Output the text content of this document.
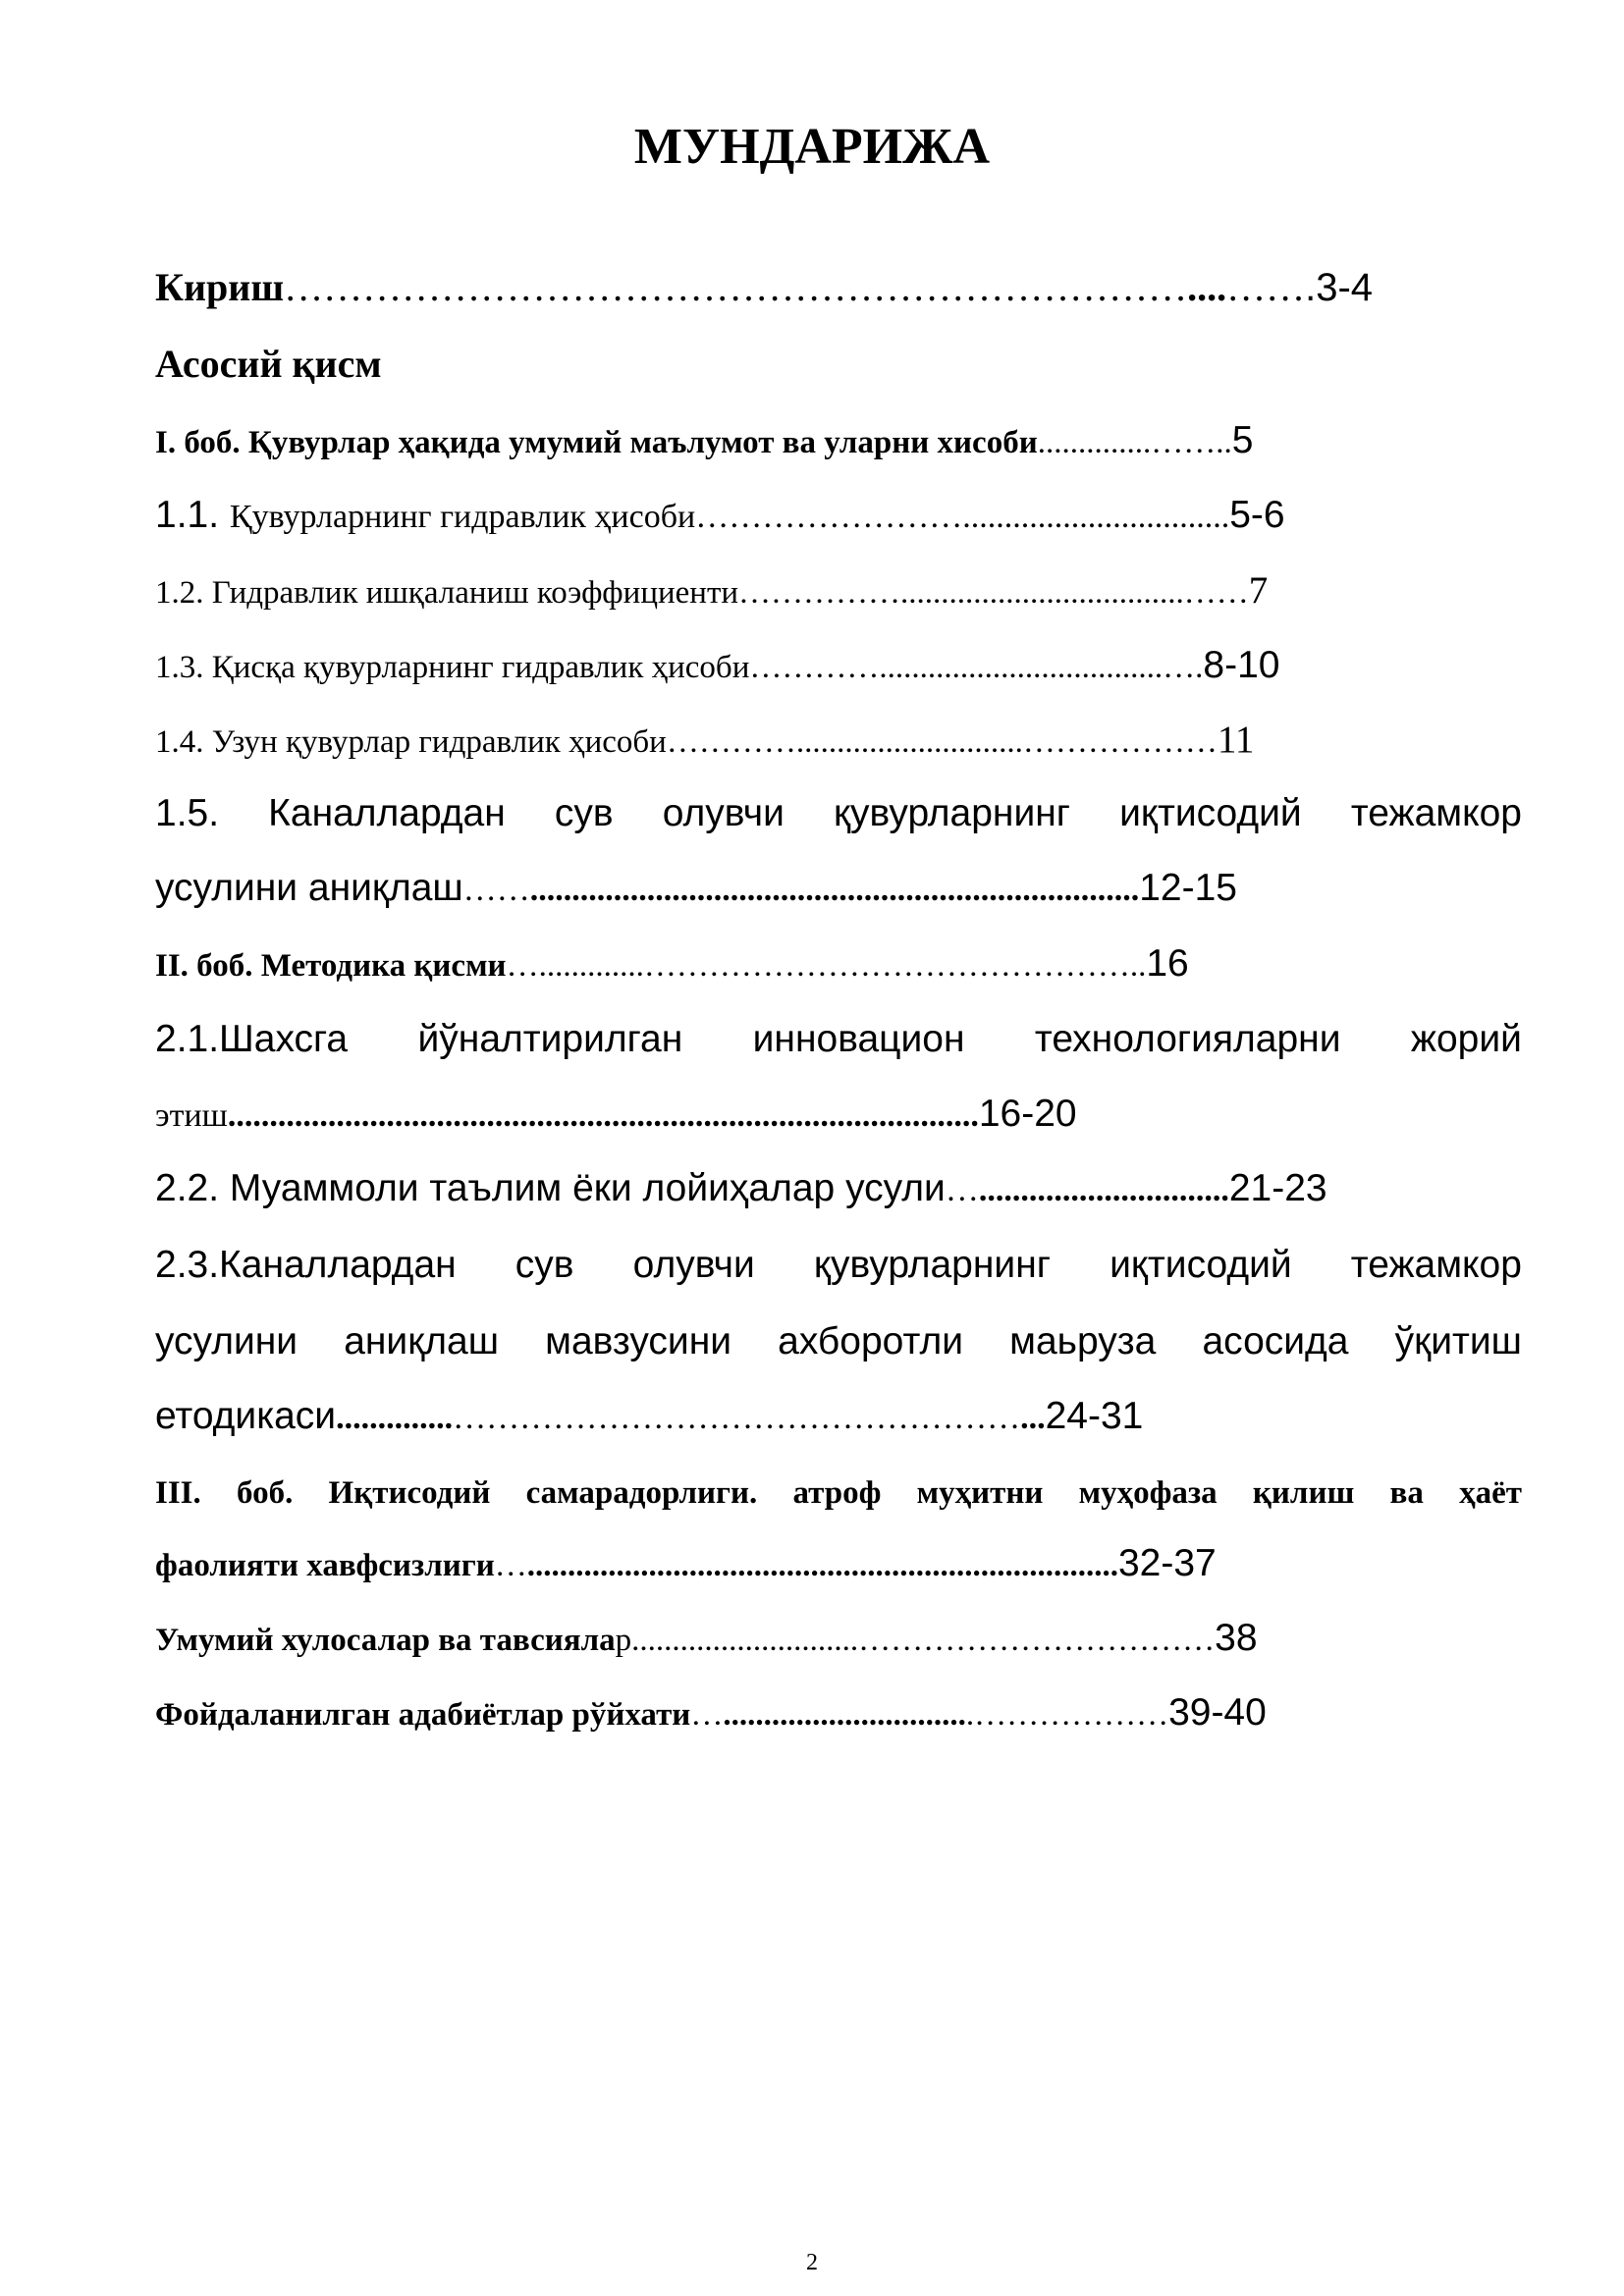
МУНДАРИЖА
Кириш……………………………………………………………....…….3-4
Асосий қисм
I. боб. Қувурлар ҳақида умумий маълумот ва уларни хисоби..............……..5
1.1. Қувурларнинг гидравлик ҳисоби……………………................................5-6
1.2. Гидравлик ишқаланиш коэффициенти……………...................................……7
1.3. Қисқа қувурларнинг гидравлик ҳисоби…………...................................….8-10
1.4. Узун қувурлар гидравлик ҳисоби…………............................………………11
1.5. Каналлардан сув олувчи қувурларнинг иқтисодий тежамкор
усулини аниқлаш…….........................................................................12-15
II. боб. Методика қисми….............………………………………………..16
2.1.Шахсга йўналтирилган инновацион технологияларни жорий
этиш..........................................................................................16-20
2.2. Муаммоли таълим ёки лойиҳалар усули…..............................21-23
2.3.Каналлардан сув олувчи қувурларнинг иқтисодий тежамкор
усулини аниқлаш мавзусини ахборотли маьруза асосида ўқитиш
етодикаси..............……………………………………………...24-31
III. боб. Иқтисодий самарадорлиги. атроф муҳитни муҳофаза қилиш ва ҳаёт
фаолияти хавфсизлиги….........................................................................32-37
Умумий хулосалар ва тавсиялар............................……………………………38
Фойдаланилган адабиётлар рўйхати…...............................………………39-40
2
